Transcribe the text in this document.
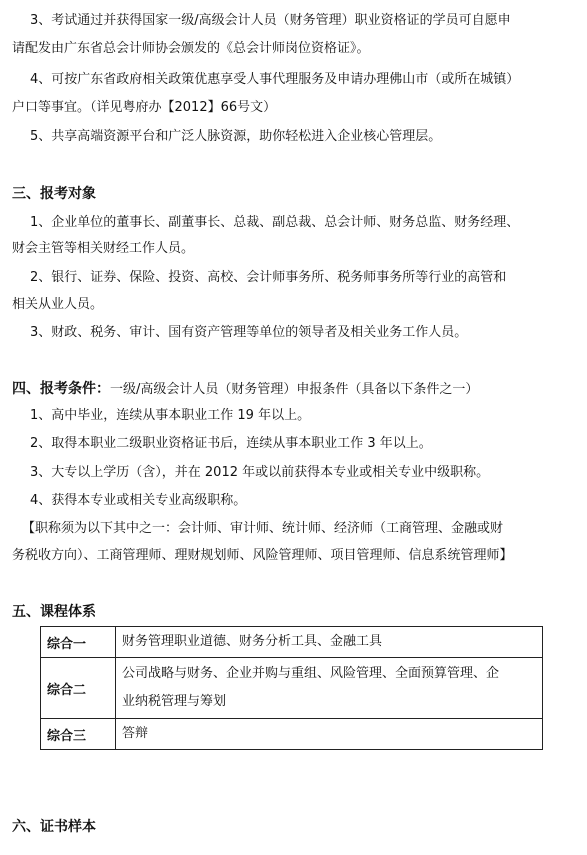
3、考试通过并获得国家一级/高级会计人员（财务管理）职业资格证的学员可自愿申
请配发由广东省总会计师协会颁发的《总会计师岗位资格证》。
4、可按广东省政府相关政策优惠享受人事代理服务及申请办理佛山市（或所在城镇）
户口等事宜。（详见粤府办【2012】66号文）
5、共享高端资源平台和广泛人脉资源，助你轻松进入企业核心管理层。
三、报考对象
1、企业单位的董事长、副董事长、总裁、副总裁、总会计师、财务总监、财务经理、
财会主管等相关财经工作人员。
2、银行、证券、保险、投资、高校、会计师事务所、税务师事务所等行业的高管和
相关从业人员。
3、财政、税务、审计、国有资产管理等单位的领导者及相关业务工作人员。
四、报考条件：一级/高级会计人员（财务管理）申报条件（具备以下条件之一）
1、高中毕业，连续从事本职业工作 19 年以上。
2、取得本职业二级职业资格证书后，连续从事本职业工作 3 年以上。
3、大专以上学历（含），并在 2012 年或以前获得本专业或相关专业中级职称。
4、获得本专业或相关专业高级职称。
【职称须为以下其中之一：会计师、审计师、统计师、经济师（工商管理、金融或财
务税收方向）、工商管理师、理财规划师、风险管理师、项目管理师、信息系统管理师】
五、课程体系
综合一	财务管理职业道德、财务分析工具、金融工具
综合二	公司战略与财务、企业并购与重组、风险管理、全面预算管理、企
业纳税管理与筹划

综合三	答辩
六、证书样本
